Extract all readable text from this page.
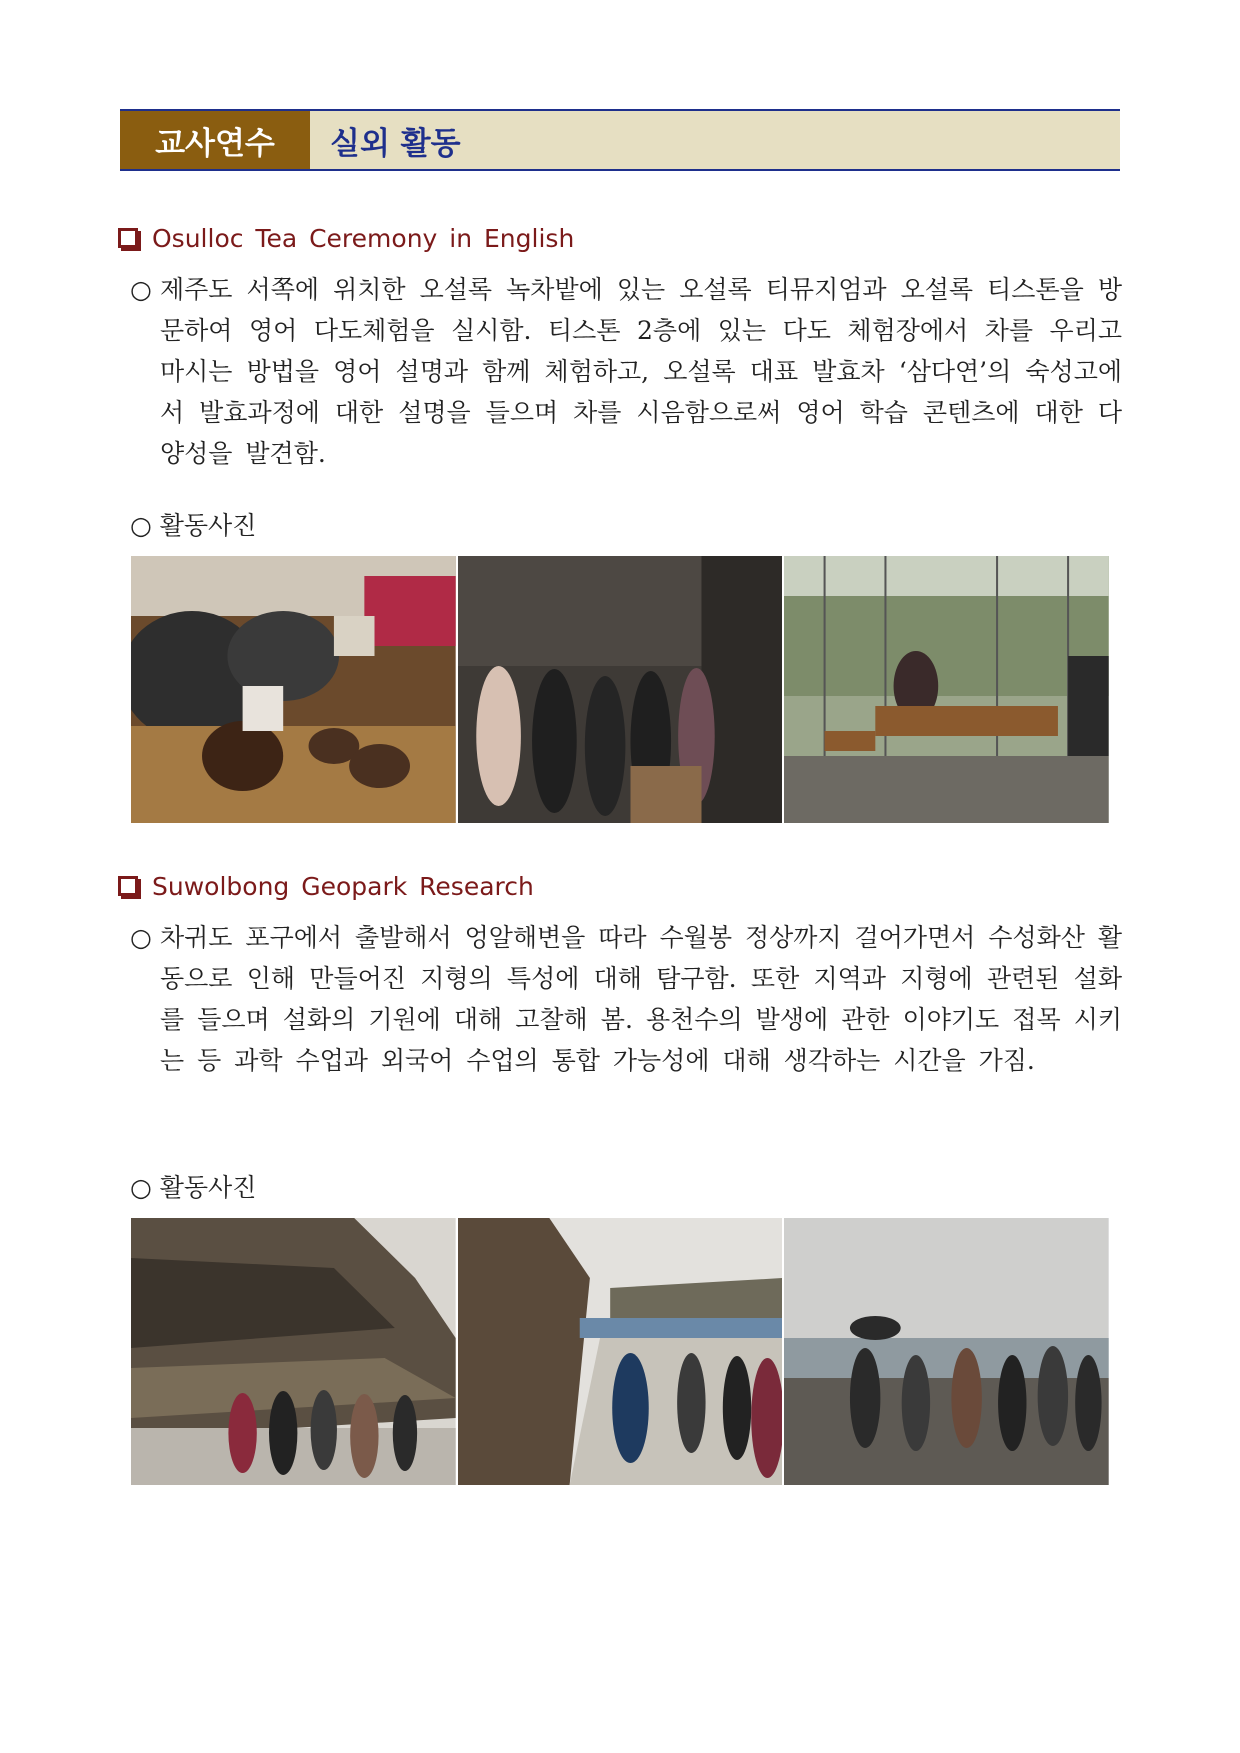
교사연수	실외 활동
Osulloc Tea Ceremony in English
○ 제주도 서쪽에 위치한 오설록 녹차밭에 있는 오설록 티뮤지엄과 오설록 티스톤을 방문하여 영어 다도체험을 실시함. 티스톤 2층에 있는 다도 체험장에서 차를 우리고 마시는 방법을 영어 설명과 함께 체험하고, 오설록 대표 발효차 ‘삼다연’의 숙성고에서 발효과정에 대한 설명을 들으며 차를 시음함으로써 영어 학습 콘텐츠에 대한 다양성을 발견함.
○ 활동사진
Suwolbong Geopark Research
○ 차귀도 포구에서 출발해서 엉알해변을 따라 수월봉 정상까지 걸어가면서 수성화산 활동으로 인해 만들어진 지형의 특성에 대해 탐구함. 또한 지역과 지형에 관련된 설화를 들으며 설화의 기원에 대해 고찰해 봄. 용천수의 발생에 관한 이야기도 접목 시키는 등 과학 수업과 외국어 수업의 통합 가능성에 대해 생각하는 시간을 가짐.
○ 활동사진
